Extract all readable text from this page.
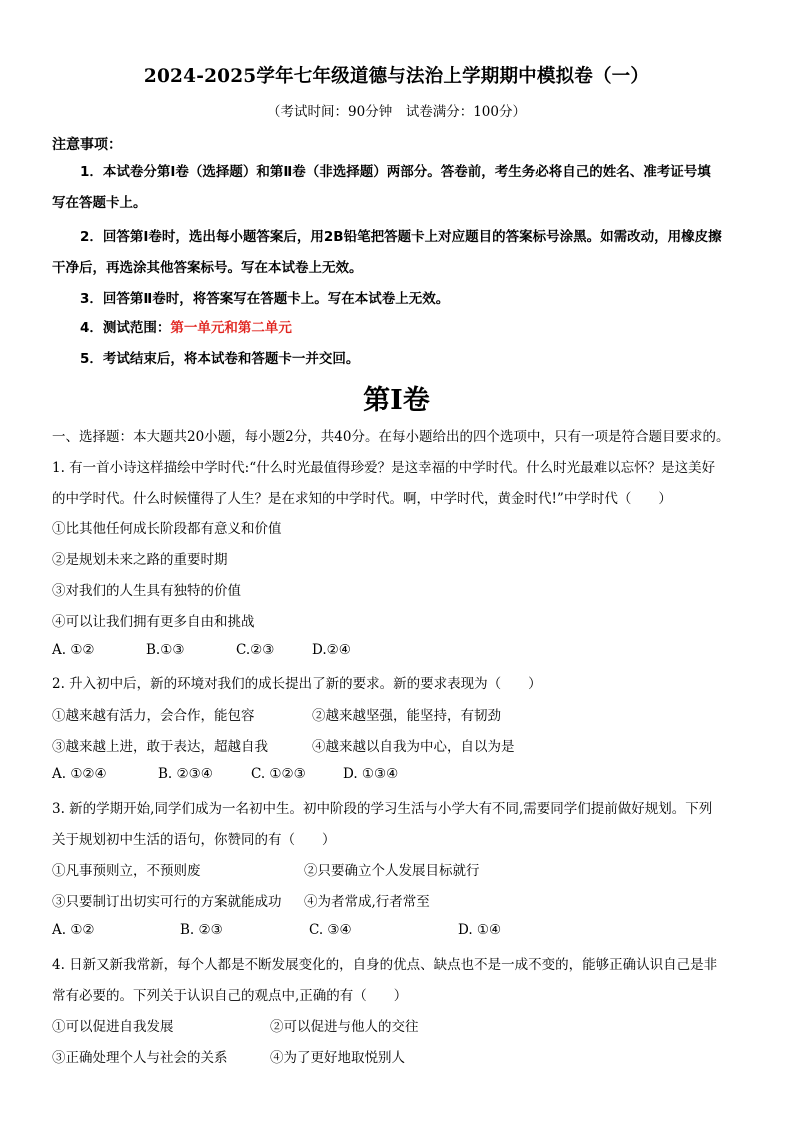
2024-2025学年七年级道德与法治上学期期中模拟卷（一）
（考试时间：90分钟　试卷满分：100分）
注意事项：
1．本试卷分第Ⅰ卷（选择题）和第Ⅱ卷（非选择题）两部分。答卷前，考生务必将自己的姓名、准考证号填
写在答题卡上。
2．回答第Ⅰ卷时，选出每小题答案后，用2B铅笔把答题卡上对应题目的答案标号涂黑。如需改动，用橡皮擦
干净后，再选涂其他答案标号。写在本试卷上无效。
3．回答第Ⅱ卷时，将答案写在答题卡上。写在本试卷上无效。
4．测试范围：第一单元和第二单元
5．考试结束后，将本试卷和答题卡一并交回。
第I卷
一、选择题：本大题共20小题，每小题2分，共40分。在每小题给出的四个选项中，只有一项是符合题目要求的。
1. 有一首小诗这样描绘中学时代:“什么时光最值得珍爱？是这幸福的中学时代。什么时光最难以忘怀？是这美好
的中学时代。什么时候懂得了人生？是在求知的中学时代。啊，中学时代，黄金时代!”中学时代（　　）
①比其他任何成长阶段都有意义和价值
②是规划未来之路的重要时期
③对我们的人生具有独特的价值
④可以让我们拥有更多自由和挑战
A. ①②	B.①③	C.②③	D.②④
2. 升入初中后，新的环境对我们的成长提出了新的要求。新的要求表现为（　　）
①越来越有活力，会合作，能包容	②越来越坚强，能坚持，有韧劲
③越来越上进，敢于表达，超越自我	④越来越以自我为中心，自以为是
A. ①②④	B. ②③④	C. ①②③	D. ①③④
3. 新的学期开始,同学们成为一名初中生。初中阶段的学习生活与小学大有不同,需要同学们提前做好规划。下列
关于规划初中生活的语句，你赞同的有（　　）
①凡事预则立，不预则废	②只要确立个人发展目标就行
③只要制订出切实可行的方案就能成功 ④为者常成,行者常至
A. ①②	B. ②③	C. ③④	D. ①④
4. 日新又新我常新，每个人都是不断发展变化的，自身的优点、缺点也不是一成不变的，能够正确认识自己是非
常有必要的。下列关于认识自己的观点中,正确的有（　　）
①可以促进自我发展	②可以促进与他人的交往
③正确处理个人与社会的关系	④为了更好地取悦别人
